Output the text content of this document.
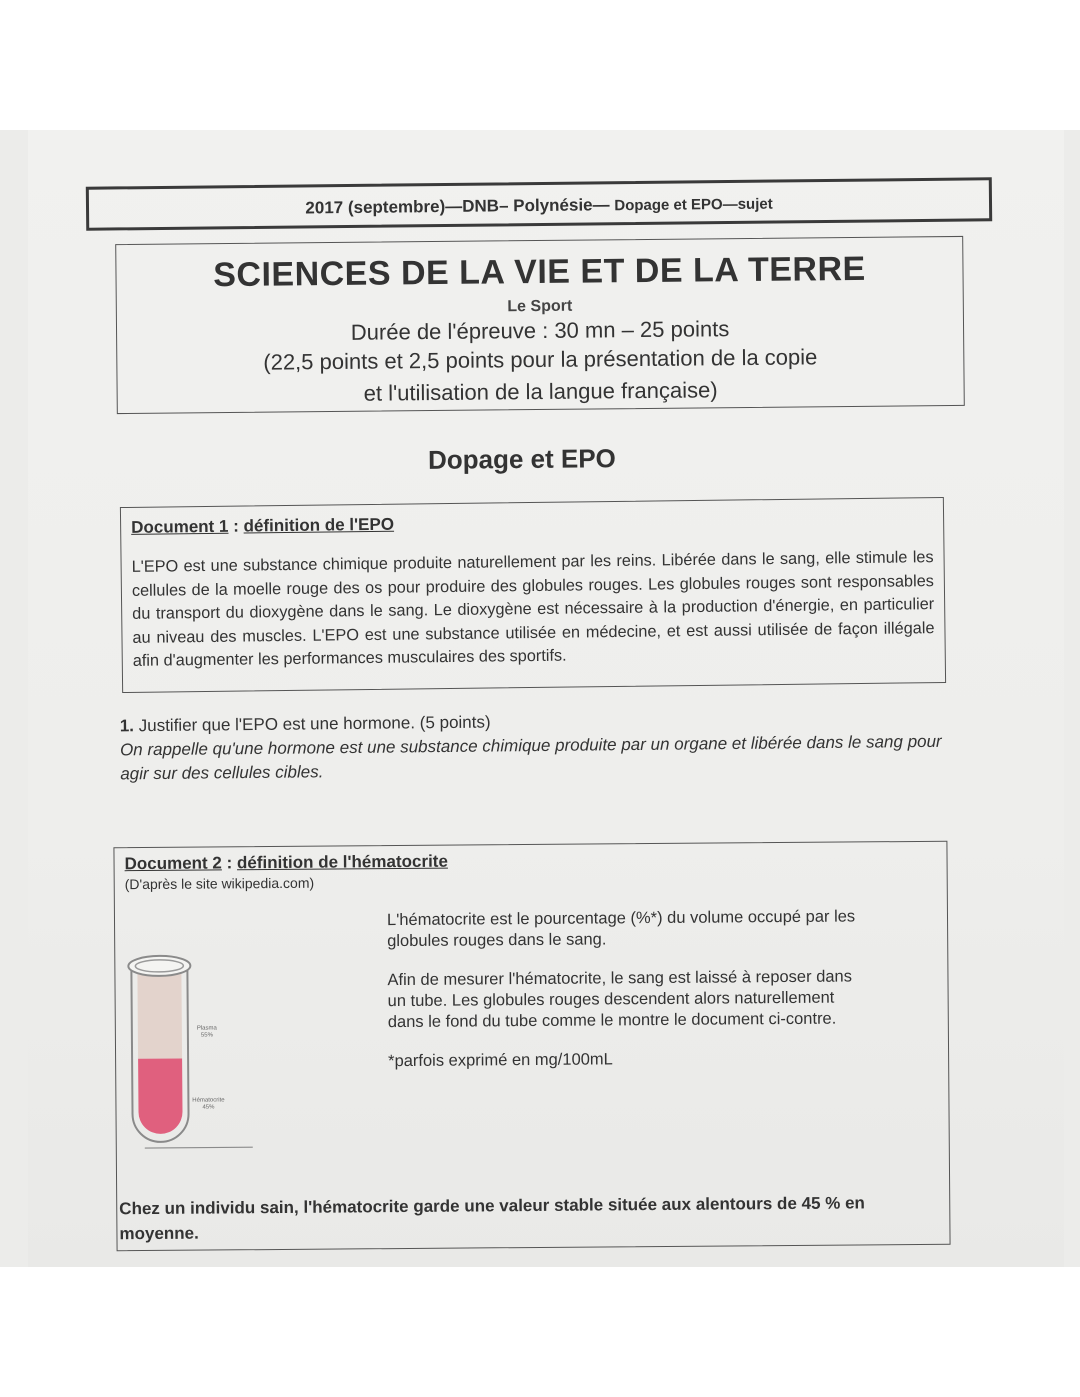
2017 (septembre)—DNB– Polynésie— Dopage et EPO—sujet
SCIENCES DE LA VIE ET DE LA TERRE
Le Sport
Durée de l'épreuve : 30 mn – 25 points
(22,5 points et 2,5 points pour la présentation de la copie
et l'utilisation de la langue française)
Dopage et EPO
Document 1 : définition de l'EPO
L'EPO est une substance chimique produite naturellement par les reins. Libérée dans le sang, elle stimule les cellules de la moelle rouge des os pour produire des globules rouges. Les globules rouges sont responsables du transport du dioxygène dans le sang. Le dioxygène est nécessaire à la production d'énergie, en particulier au niveau des muscles. L'EPO est une substance utilisée en médecine, et est aussi utilisée de façon illégale afin d'augmenter les performances musculaires des sportifs.
1. Justifier que l'EPO est une hormone. (5 points)
On rappelle qu'une hormone est une substance chimique produite par un organe et libérée dans le sang pour agir sur des cellules cibles.
Document 2 : définition de l'hématocrite
(D'après le site wikipedia.com)
Plasma
55%
Hématocrite
45%

L'hématocrite est le pourcentage (%*) du volume occupé par les globules rouges dans le sang.

Afin de mesurer l'hématocrite, le sang est laissé à reposer dans un tube. Les globules rouges descendent alors naturellement dans le fond du tube comme le montre le document ci-contre.

*parfois exprimé en mg/100mL

Chez un individu sain, l'hématocrite garde une valeur stable située aux alentours de 45 % en moyenne.
